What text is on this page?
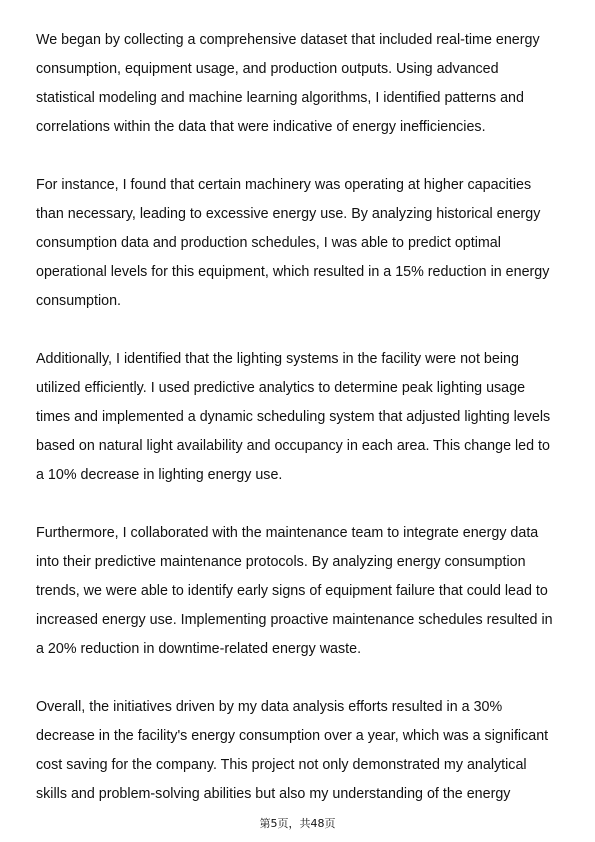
We began by collecting a comprehensive dataset that included real-time energy
consumption, equipment usage, and production outputs. Using advanced
statistical modeling and machine learning algorithms, I identified patterns and
correlations within the data that were indicative of energy inefficiencies.

For instance, I found that certain machinery was operating at higher capacities
than necessary, leading to excessive energy use. By analyzing historical energy
consumption data and production schedules, I was able to predict optimal
operational levels for this equipment, which resulted in a 15% reduction in energy
consumption.

Additionally, I identified that the lighting systems in the facility were not being
utilized efficiently. I used predictive analytics to determine peak lighting usage
times and implemented a dynamic scheduling system that adjusted lighting levels
based on natural light availability and occupancy in each area. This change led to
a 10% decrease in lighting energy use.

Furthermore, I collaborated with the maintenance team to integrate energy data
into their predictive maintenance protocols. By analyzing energy consumption
trends, we were able to identify early signs of equipment failure that could lead to
increased energy use. Implementing proactive maintenance schedules resulted in
a 20% reduction in downtime-related energy waste.

Overall, the initiatives driven by my data analysis efforts resulted in a 30%
decrease in the facility's energy consumption over a year, which was a significant
cost saving for the company. This project not only demonstrated my analytical
skills and problem-solving abilities but also my understanding of the energy

第5页，共48页
